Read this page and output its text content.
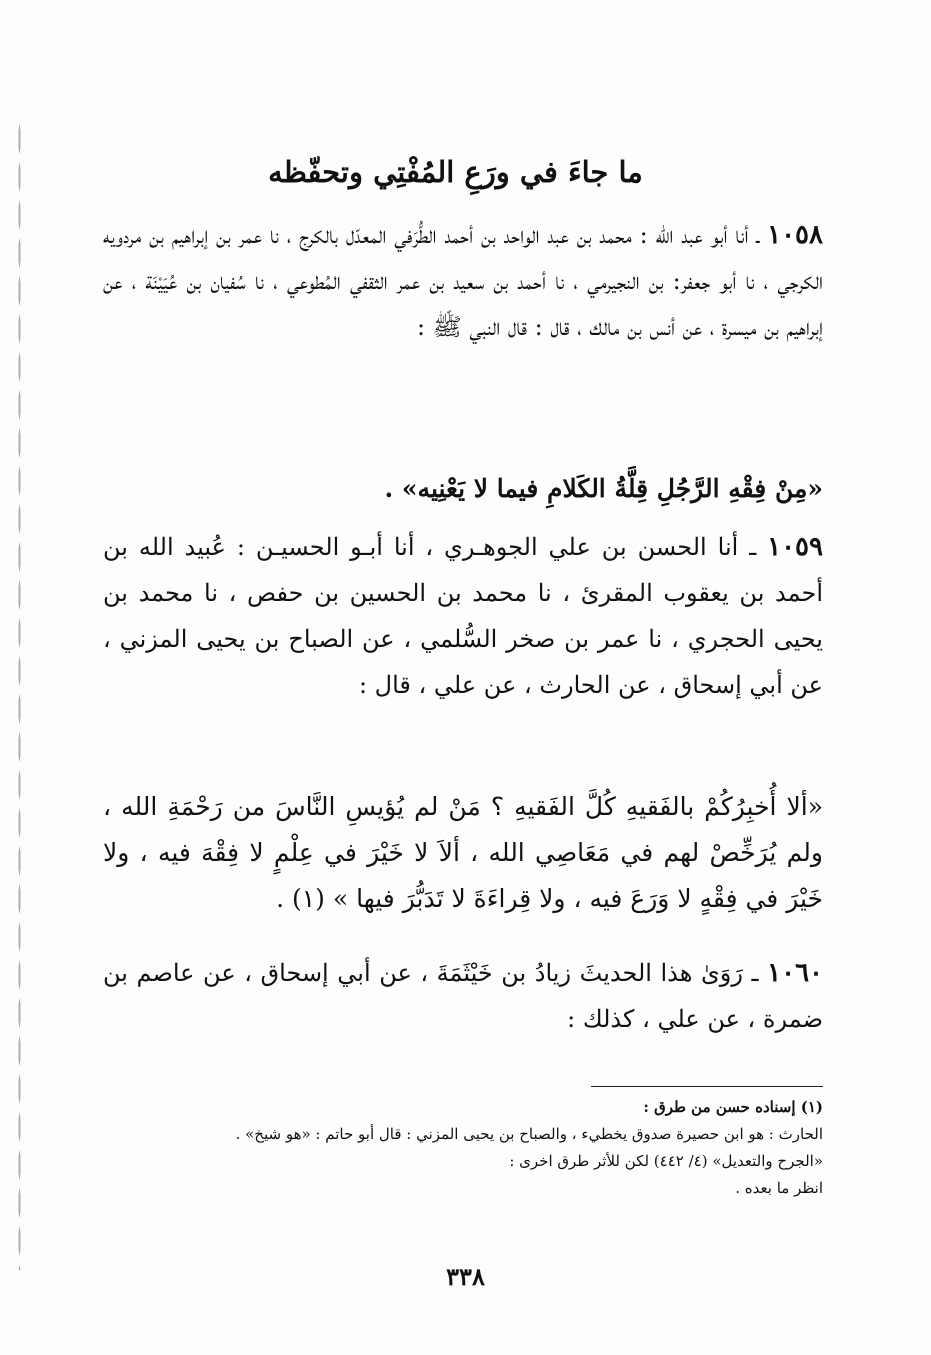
ما جاءَ في ورَعِ المُفْتِي وتحفّظه

١٠٥٨ ـ أنا أبو عبد الله : محمد بن عبد الواحد بن أحمد الطُّرَفي المعدّل بالكرج ، نا عمر بن إبراهيم بن مردويه الكرجي ، نا أبو جعفر: بن النجيرمي ، نا أحمد بن سعيد بن عمر الثقفي المُطوعي ، نا سُفيان بن عُيَيْنَة ، عن إبراهيم بن ميسرة ، عن أنس بن مالك ، قال : قال النبي ﷺ :

«مِنْ فِقْهِ الرَّجُلِ قِلَّةُ الكَلامِ فيما لا يَعْنِيه» .

١٠٥٩ ـ أنا الحسن بن علي الجوهـري ، أنا أبـو الحسيـن : عُبيد الله بن أحمد بن يعقوب المقرئ ، نا محمد بن الحسين بن حفص ، نا محمد بن يحيى الحجري ، نا عمر بن صخر السُّلمي ، عن الصباح بن يحيى المزني ، عن أبي إسحاق ، عن الحارث ، عن علي ، قال :

«ألا أُخبِرُكُمْ بالفَقيهِ كُلَّ الفَقيهِ ؟ مَنْ لم يُؤيسِ النَّاسَ من رَحْمَةِ الله ، ولم يُرَخِّصْ لهم في مَعَاصِي الله ، ألاَ لا خَيْرَ في عِلْمٍ لا فِقْهَ فيه ، ولا خَيْرَ في فِقْهٍ لا وَرَعَ فيه ، ولا قِراءَةَ لا تَدَبُّرَ فيها » (١) .

١٠٦٠ ـ رَوَىٰ هذا الحديثَ زيادُ بن خَيْثَمَةَ ، عن أبي إسحاق ، عن عاصم بن ضمرة ، عن علي ، كذلك :

(١) إسناده حسن من طرق :

الحارث : هو ابن حصيرة صدوق يخطيء ، والصباح بن يحيى المزني : قال أبو حاتم : «هو شيخ» .

«الجرح والتعديل» (٤/ ٤٤٢) لكن للأثر طرق اخرى :

انظر ما بعده .

٣٣٨
